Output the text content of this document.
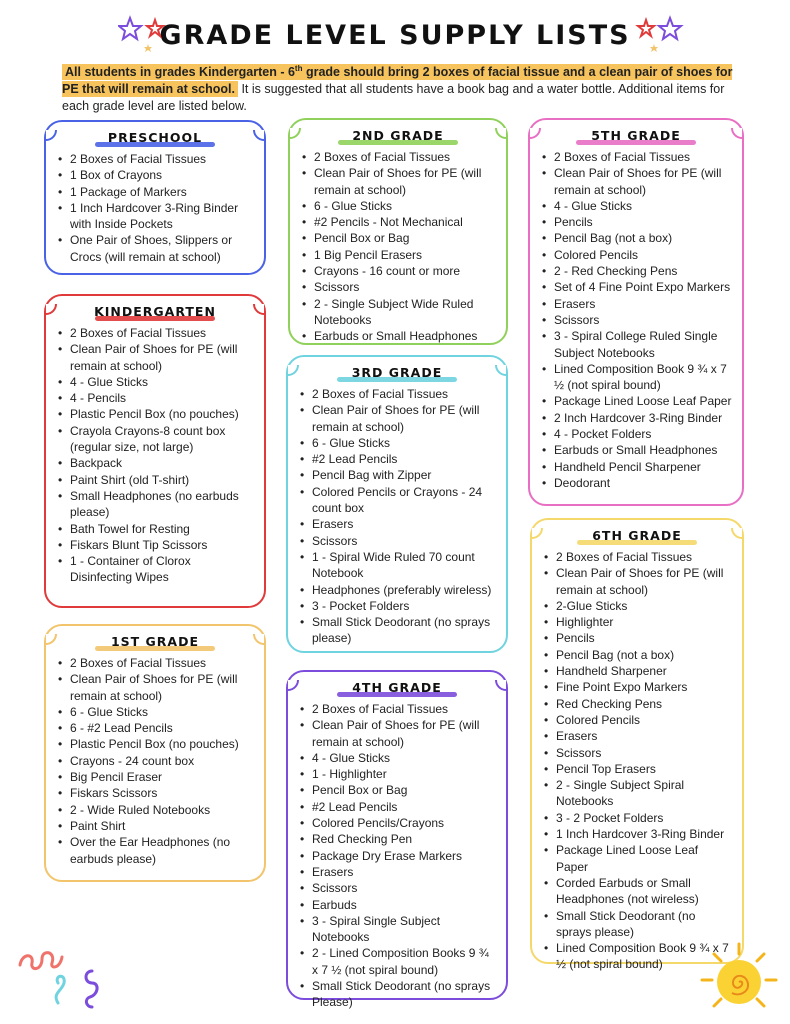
GRADE LEVEL SUPPLY LISTS
All students in grades Kindergarten - 6th grade should bring 2 boxes of facial tissue and a clean pair of shoes for PE that will remain at school. It is suggested that all students have a book bag and a water bottle. Additional items for each grade level are listed below.
PRESCHOOL
• 2 Boxes of Facial Tissues
• 1 Box of Crayons
• 1 Package of Markers
• 1 Inch Hardcover 3-Ring Binder with Inside Pockets
• One Pair of Shoes, Slippers or Crocs (will remain at school)
KINDERGARTEN
• 2 Boxes of Facial Tissues
• Clean Pair of Shoes for PE (will remain at school)
• 4 - Glue Sticks
• 4 - Pencils
• Plastic Pencil Box (no pouches)
• Crayola Crayons-8 count box (regular size, not large)
• Backpack
• Paint Shirt (old T-shirt)
• Small Headphones (no earbuds please)
• Bath Towel for Resting
• Fiskars Blunt Tip Scissors
• 1 - Container of Clorox Disinfecting Wipes
1ST GRADE
• 2 Boxes of Facial Tissues
• Clean Pair of Shoes for PE (will remain at school)
• 6 - Glue Sticks
• 6 - #2 Lead Pencils
• Plastic Pencil Box (no pouches)
• Crayons - 24 count box
• Big Pencil Eraser
• Fiskars Scissors
• 2 - Wide Ruled Notebooks
• Paint Shirt
• Over the Ear Headphones (no earbuds please)
2ND GRADE
• 2 Boxes of Facial Tissues
• Clean Pair of Shoes for PE (will remain at school)
• 6 - Glue Sticks
• #2 Pencils - Not Mechanical
• Pencil Box or Bag
• 1 Big Pencil Erasers
• Crayons - 16 count or more
• Scissors
• 2 - Single Subject Wide Ruled Notebooks
• Earbuds or Small Headphones
3RD GRADE
• 2 Boxes of Facial Tissues
• Clean Pair of Shoes for PE (will remain at school)
• 6 - Glue Sticks
• #2 Lead Pencils
• Pencil Bag with Zipper
• Colored Pencils or Crayons - 24 count box
• Erasers
• Scissors
• 1 - Spiral Wide Ruled 70 count Notebook
• Headphones (preferably wireless)
• 3 - Pocket Folders
• Small Stick Deodorant (no sprays please)
4TH GRADE
• 2 Boxes of Facial Tissues
• Clean Pair of Shoes for PE (will remain at school)
• 4 - Glue Sticks
• 1 - Highlighter
• Pencil Box or Bag
• #2 Lead Pencils
• Colored Pencils/Crayons
• Red Checking Pen
• Package Dry Erase Markers
• Erasers
• Scissors
• Earbuds
• 3 - Spiral Single Subject Notebooks
• 2 - Lined Composition Books 9 ¾ x 7 ½ (not spiral bound)
• Small Stick Deodorant (no sprays Please)
5TH GRADE
• 2 Boxes of Facial Tissues
• Clean Pair of Shoes for PE (will remain at school)
• 4 - Glue Sticks
• Pencils
• Pencil Bag (not a box)
• Colored Pencils
• 2 - Red Checking Pens
• Set of 4 Fine Point Expo Markers
• Erasers
• Scissors
• 3 - Spiral College Ruled Single Subject Notebooks
• Lined Composition Book 9 ¾ x 7 ½ (not spiral bound)
• Package Lined Loose Leaf Paper
• 2 Inch Hardcover 3-Ring Binder
• 4 - Pocket Folders
• Earbuds or Small Headphones
• Handheld Pencil Sharpener
• Deodorant
6TH GRADE
• 2 Boxes of Facial Tissues
• Clean Pair of Shoes for PE (will remain at school)
• 2-Glue Sticks
• Highlighter
• Pencils
• Pencil Bag (not a box)
• Handheld Sharpener
• Fine Point Expo Markers
• Red Checking Pens
• Colored Pencils
• Erasers
• Scissors
• Pencil Top Erasers
• 2 - Single Subject Spiral Notebooks
• 3 - 2 Pocket Folders
• 1 Inch Hardcover 3-Ring Binder
• Package Lined Loose Leaf Paper
• Corded Earbuds or Small Headphones (not wireless)
• Small Stick Deodorant (no sprays please)
• Lined Composition Book 9 ¾ x 7 ½ (not spiral bound)
